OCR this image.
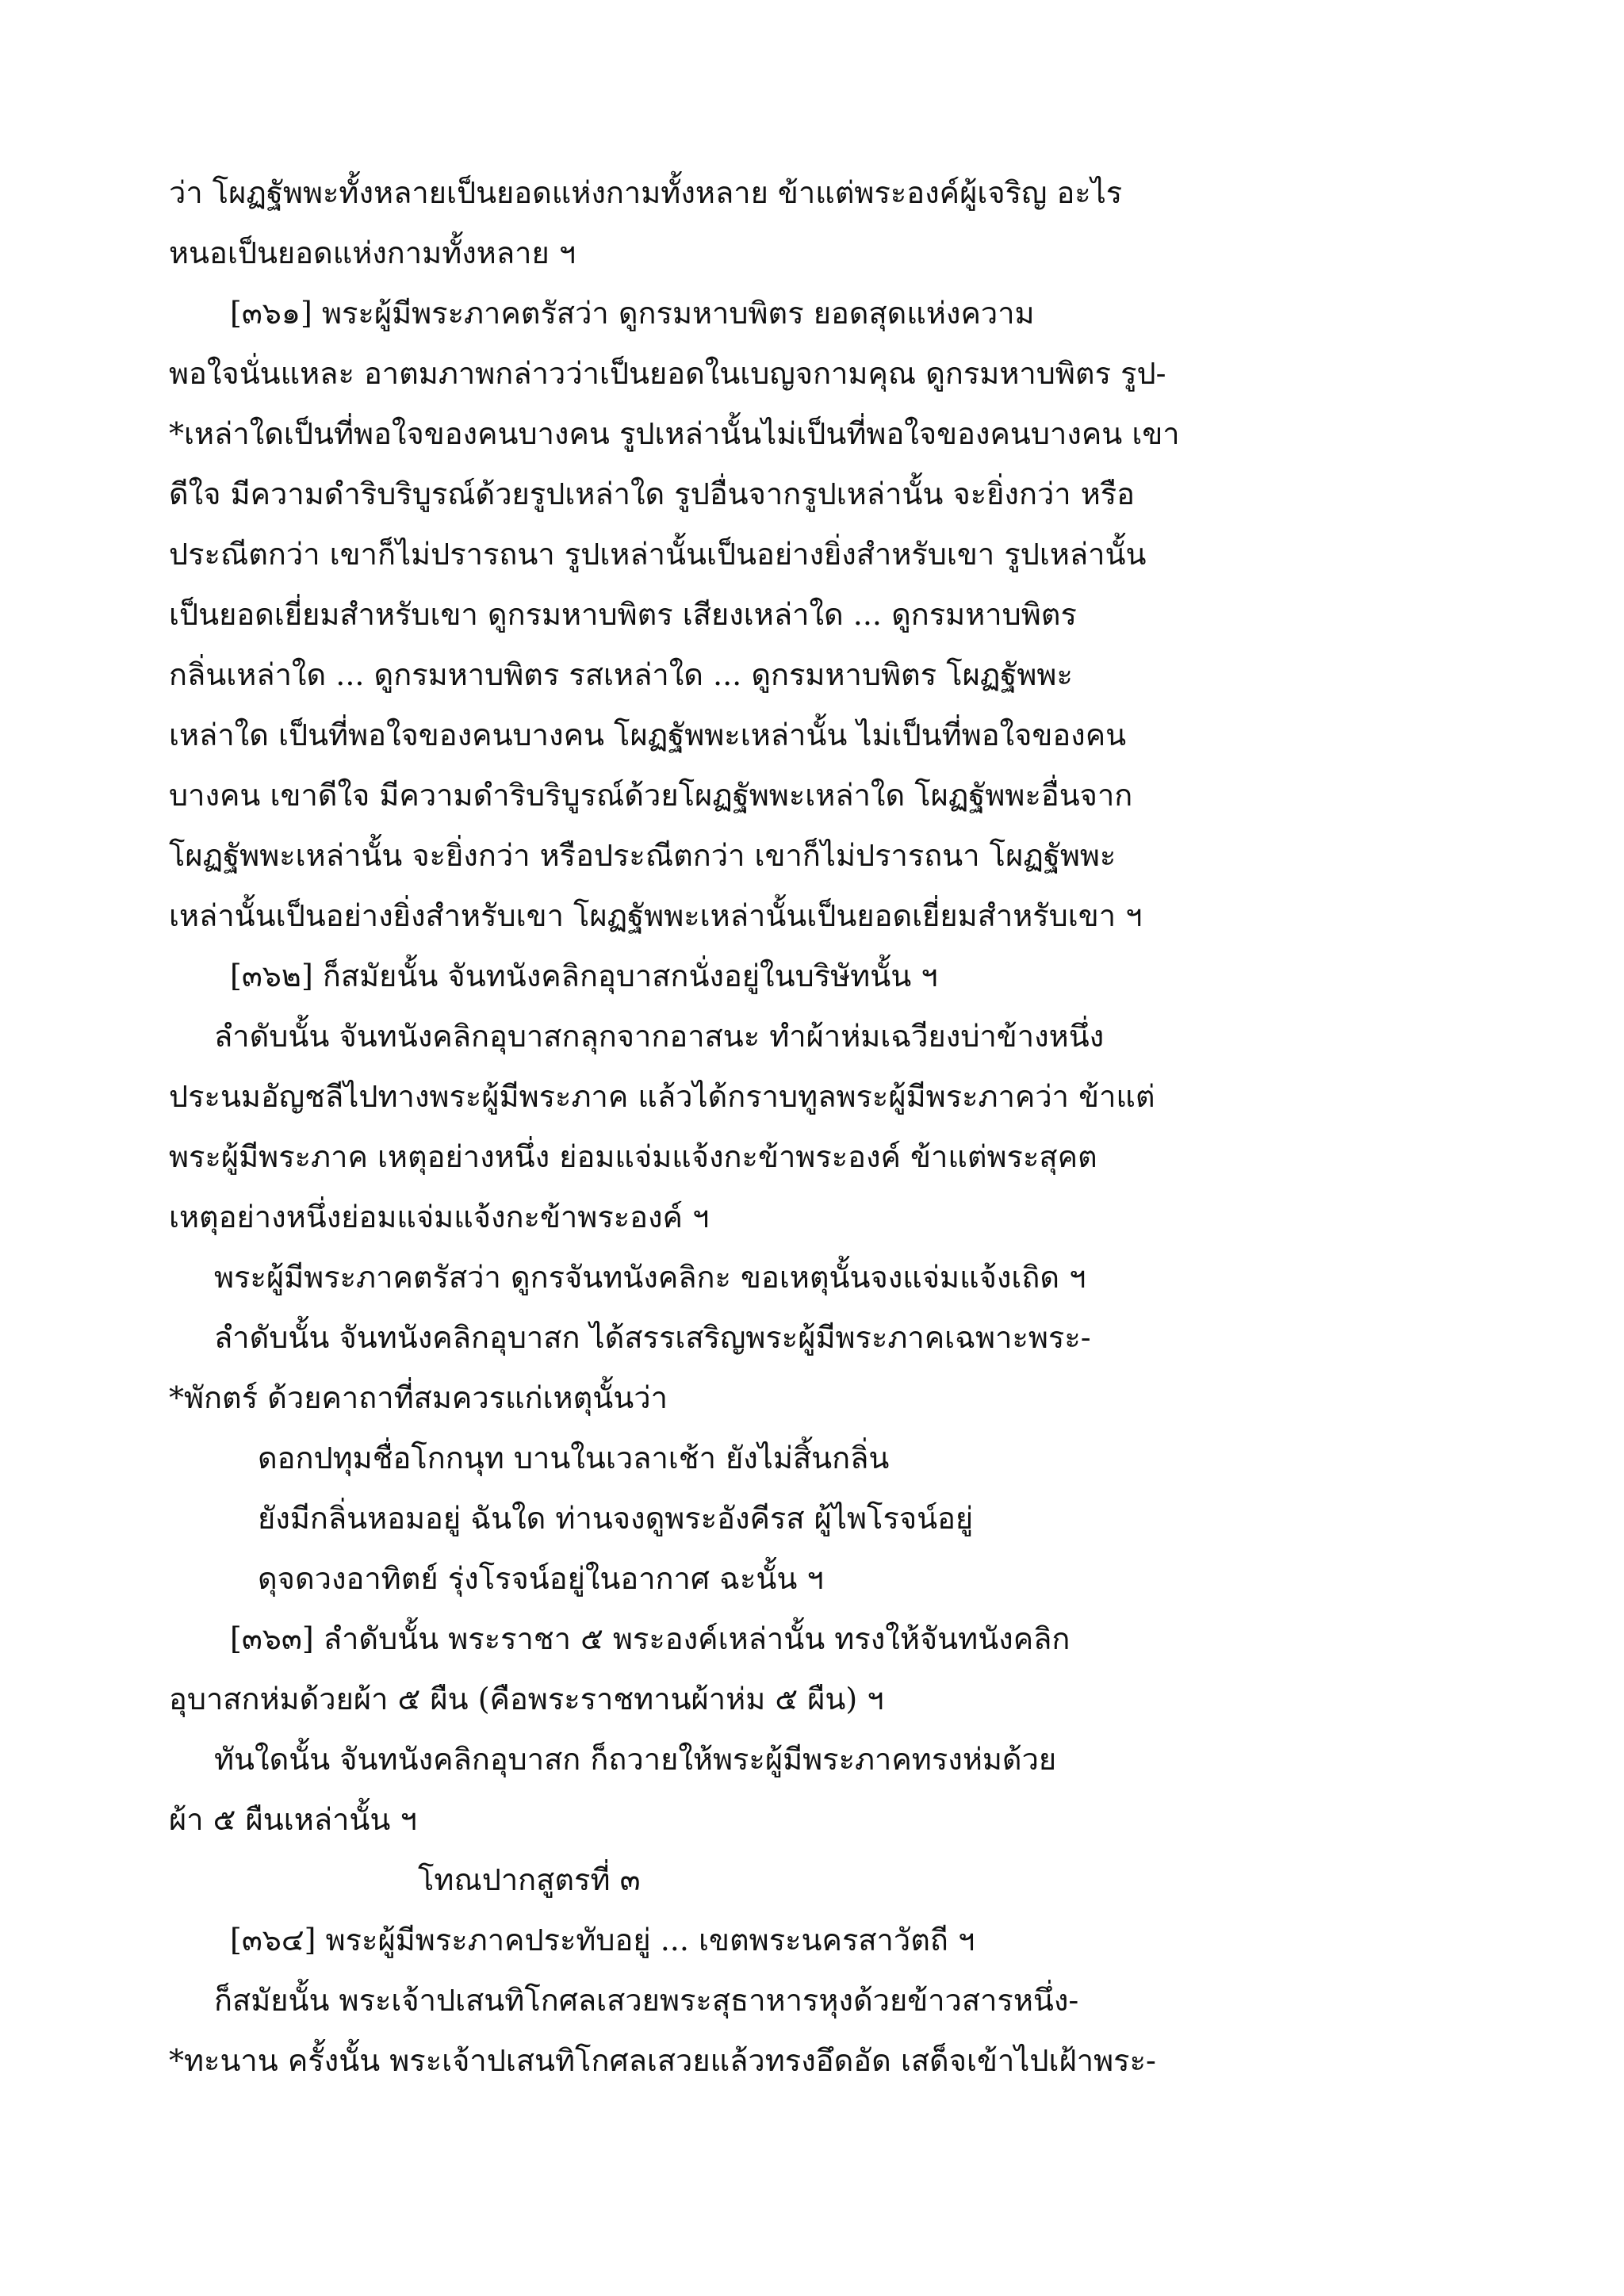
ว่า โผฏฐัพพะทั้งหลายเป็นยอดแห่งกามทั้งหลาย ข้าแต่พระองค์ผู้เจริญ อะไร
หนอเป็นยอดแห่งกามทั้งหลาย ฯ
[๓๖๑] พระผู้มีพระภาคตรัสว่า ดูกรมหาบพิตร ยอดสุดแห่งความ
พอใจนั่นแหละ อาตมภาพกล่าวว่าเป็นยอดในเบญจกามคุณ ดูกรมหาบพิตร รูป-
*เหล่าใดเป็นที่พอใจของคนบางคน รูปเหล่านั้นไม่เป็นที่พอใจของคนบางคน เขา
ดีใจ มีความดำริบริบูรณ์ด้วยรูปเหล่าใด รูปอื่นจากรูปเหล่านั้น จะยิ่งกว่า หรือ
ประณีตกว่า เขาก็ไม่ปรารถนา รูปเหล่านั้นเป็นอย่างยิ่งสำหรับเขา รูปเหล่านั้น
เป็นยอดเยี่ยมสำหรับเขา ดูกรมหาบพิตร เสียงเหล่าใด ... ดูกรมหาบพิตร
กลิ่นเหล่าใด ... ดูกรมหาบพิตร รสเหล่าใด ... ดูกรมหาบพิตร โผฏฐัพพะ
เหล่าใด เป็นที่พอใจของคนบางคน โผฏฐัพพะเหล่านั้น ไม่เป็นที่พอใจของคน
บางคน เขาดีใจ มีความดำริบริบูรณ์ด้วยโผฏฐัพพะเหล่าใด โผฏฐัพพะอื่นจาก
โผฏฐัพพะเหล่านั้น จะยิ่งกว่า หรือประณีตกว่า เขาก็ไม่ปรารถนา โผฏฐัพพะ
เหล่านั้นเป็นอย่างยิ่งสำหรับเขา โผฏฐัพพะเหล่านั้นเป็นยอดเยี่ยมสำหรับเขา ฯ
[๓๖๒] ก็สมัยนั้น จันทนังคลิกอุบาสกนั่งอยู่ในบริษัทนั้น ฯ
ลำดับนั้น จันทนังคลิกอุบาสกลุกจากอาสนะ ทำผ้าห่มเฉวียงบ่าข้างหนึ่ง
ประนมอัญชลีไปทางพระผู้มีพระภาค แล้วได้กราบทูลพระผู้มีพระภาคว่า ข้าแต่
พระผู้มีพระภาค เหตุอย่างหนึ่ง ย่อมแจ่มแจ้งกะข้าพระองค์ ข้าแต่พระสุคต
เหตุอย่างหนึ่งย่อมแจ่มแจ้งกะข้าพระองค์ ฯ
พระผู้มีพระภาคตรัสว่า ดูกรจันทนังคลิกะ ขอเหตุนั้นจงแจ่มแจ้งเถิด ฯ
ลำดับนั้น จันทนังคลิกอุบาสก ได้สรรเสริญพระผู้มีพระภาคเฉพาะพระ-
*พักตร์ ด้วยคาถาที่สมควรแก่เหตุนั้นว่า
ดอกปทุมชื่อโกกนุท บานในเวลาเช้า ยังไม่สิ้นกลิ่น
ยังมีกลิ่นหอมอยู่ ฉันใด ท่านจงดูพระอังคีรส ผู้ไพโรจน์อยู่
ดุจดวงอาทิตย์ รุ่งโรจน์อยู่ในอากาศ ฉะนั้น ฯ
[๓๖๓] ลำดับนั้น พระราชา ๕ พระองค์เหล่านั้น ทรงให้จันทนังคลิก
อุบาสกห่มด้วยผ้า ๕ ผืน (คือพระราชทานผ้าห่ม ๕ ผืน) ฯ
ทันใดนั้น จันทนังคลิกอุบาสก ก็ถวายให้พระผู้มีพระภาคทรงห่มด้วย
ผ้า ๕ ผืนเหล่านั้น ฯ
โทณปากสูตรที่ ๓
[๓๖๔] พระผู้มีพระภาคประทับอยู่ ... เขตพระนครสาวัตถี ฯ
ก็สมัยนั้น พระเจ้าปเสนทิโกศลเสวยพระสุธาหารหุงด้วยข้าวสารหนึ่ง-
*ทะนาน ครั้งนั้น พระเจ้าปเสนทิโกศลเสวยแล้วทรงอึดอัด เสด็จเข้าไปเฝ้าพระ-
